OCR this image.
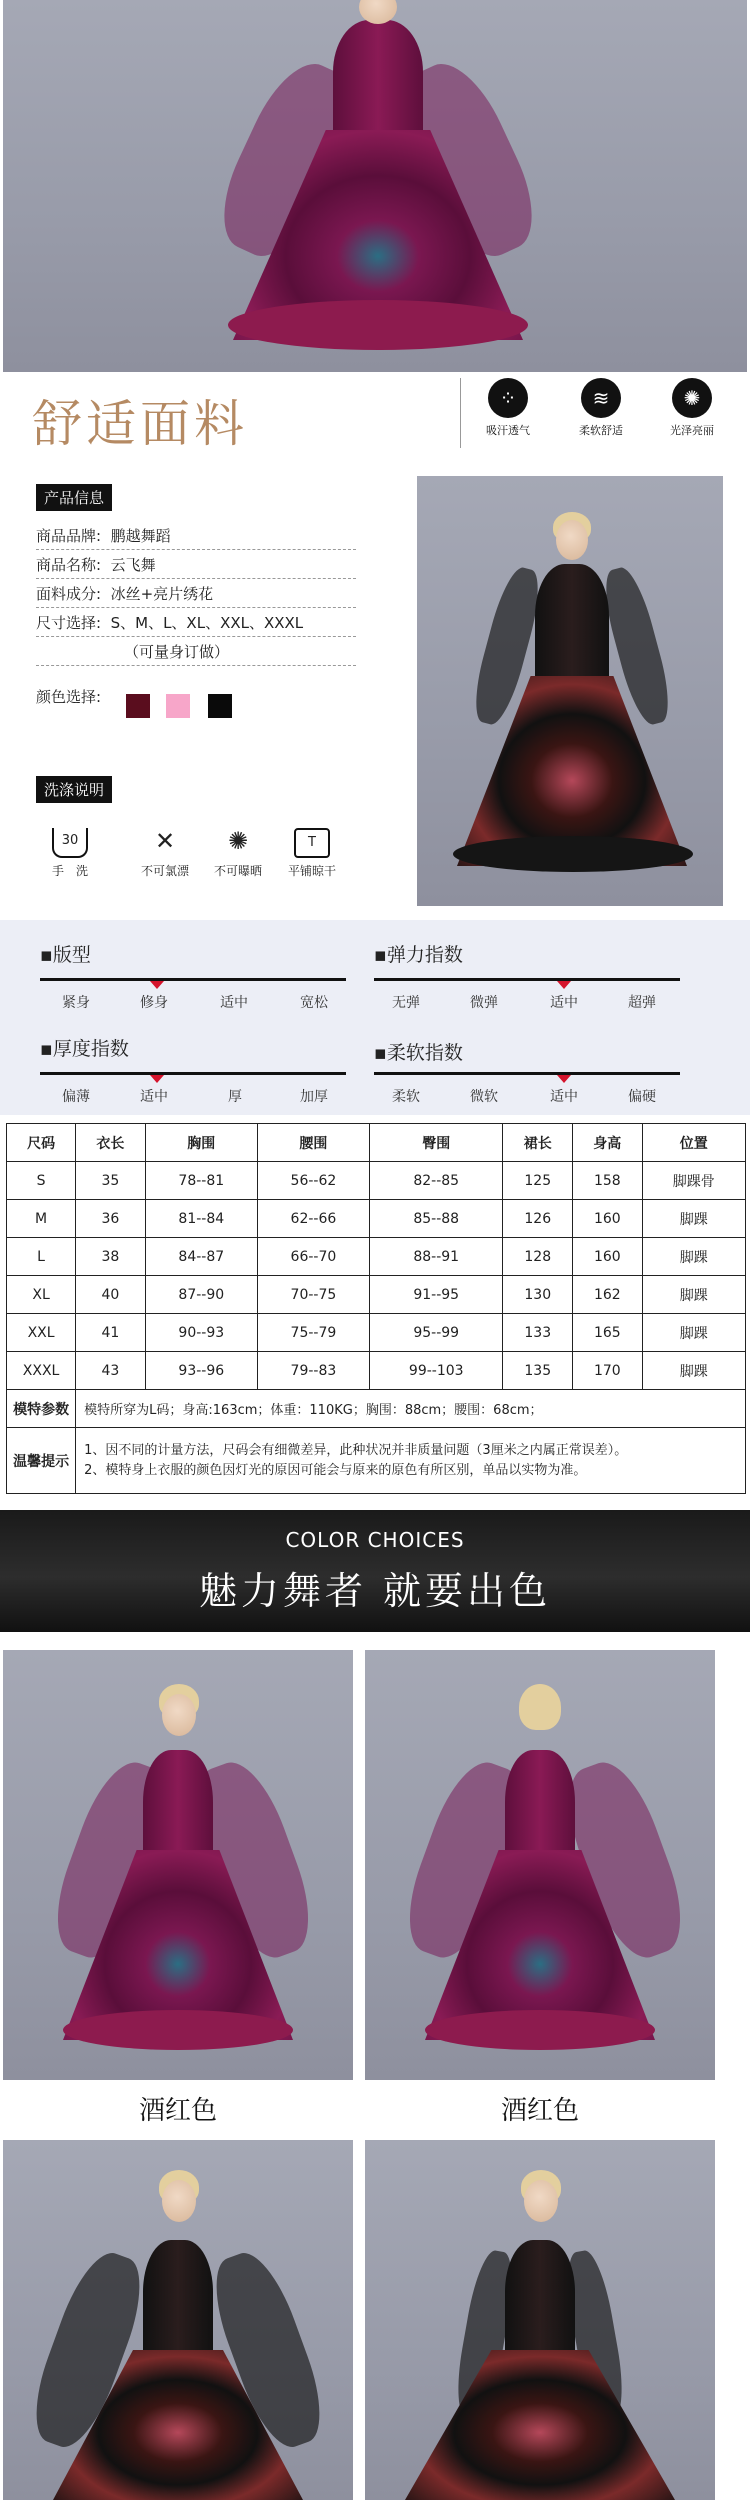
舒适面料	⁘
吸汗透气
≋
柔软舒适
✺
光泽亮丽
产品信息
商品品牌: 鹏越舞蹈
商品名称: 云飞舞
面料成分: 冰丝+亮片绣花
尺寸选择: S、M、L、XL、XXL、XXXL
（可量身订做）
颜色选择:
洗涤说明
30
手　洗
✕
不可氯漂
✺
不可曝晒
T
平铺晾干
▪版型
紧身	修身	适中	宽松
▪弹力指数
无弹	微弹	适中	超弹
▪厚度指数
偏薄	适中	厚	加厚
▪柔软指数
柔软	微软	适中	偏硬
尺码	衣长	胸围	腰围	臀围	裙长	身高	位置
S	35	78--81	56--62	82--85	125	158	脚踝骨
M	36	81--84	62--66	85--88	126	160	脚踝
L	38	84--87	66--70	88--91	128	160	脚踝
XL	40	87--90	70--75	91--95	130	162	脚踝
XXL	41	90--93	75--79	95--99	133	165	脚踝
XXXL	43	93--96	79--83	99--103	135	170	脚踝
模特参数	模特所穿为L码；身高:163cm；体重：110KG；胸围：88cm；腰围：68cm；						
温馨提示	1、因不同的计量方法，尺码会有细微差异，此种状况并非质量问题（3厘米之内属正常误差）。
2、模特身上衣服的颜色因灯光的原因可能会与原来的原色有所区别，单品以实物为准。						
COLOR CHOICES
魅力舞者 就要出色
酒红色	酒红色
